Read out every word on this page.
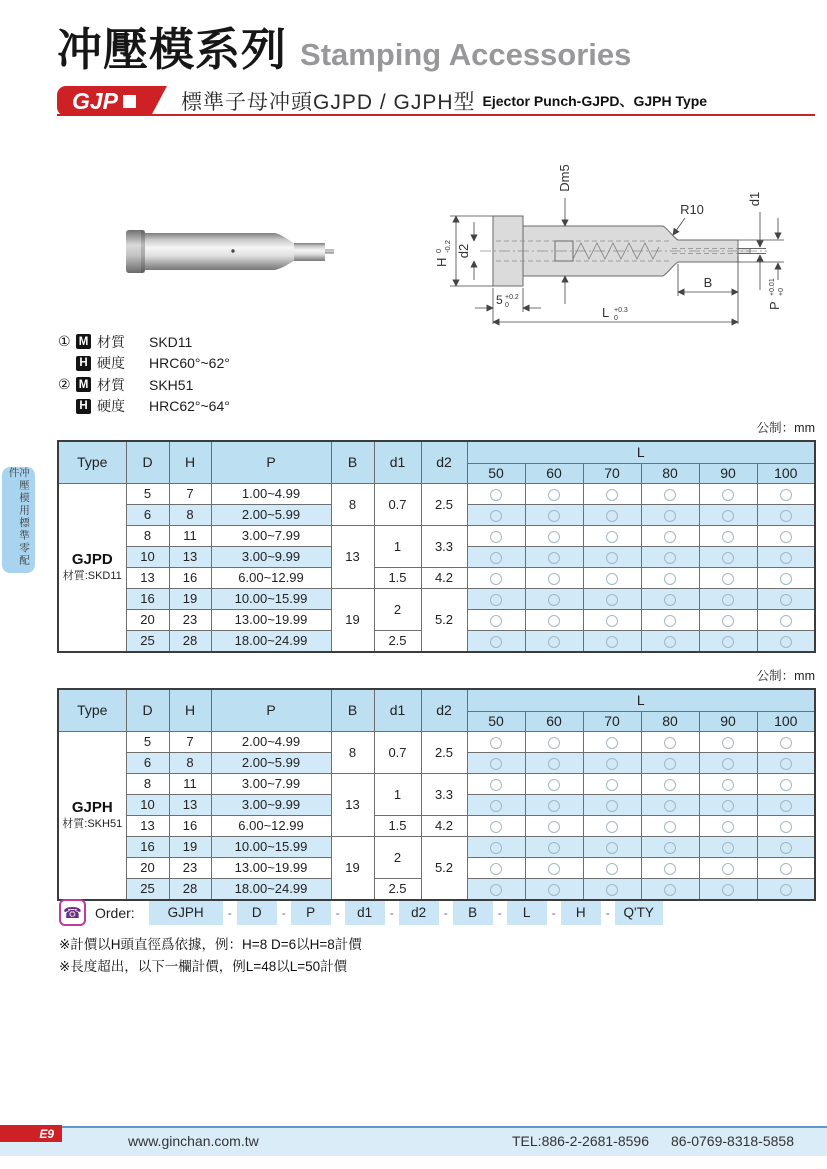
冲壓模用標準零配件
冲壓模系列 Stamping Accessories
GJP	標準子母冲頭GJPD / GJPH型 Ejector Punch-GJPD、GJPH Type
H
0 -0.2 d2
Dm5
R10
d1
P
+0.01 +0
B
5 +0.2
0	L +0.3
0
① M 材質	SKD11
H 硬度	HRC60°~62°
② M 材質	SKH51
H 硬度	HRC62°~64°
公制：mm
公制：mm
Type	D	H	P	B	d1	d2	L					
							50	60	70	80	90	100

GJPD
材質:SKD11	5	7	1.00~4.99	8	0.7	2.5						
	6	8	2.00~5.99									
	8	11	3.00~7.99	13	1	3.3						
	10	13	3.00~9.99									
	13	16	6.00~12.99		1.5	4.2						
	16	19	10.00~15.99	19	2	5.2						
	20	23	13.00~19.99									
	25	28	18.00~24.99		2.5							
Type	D	H	P	B	d1	d2	L					
							50	60	70	80	90	100

GJPH
材質:SKH51	5	7	2.00~4.99	8	0.7	2.5						
	6	8	2.00~5.99									
	8	11	3.00~7.99	13	1	3.3						
	10	13	3.00~9.99									
	13	16	6.00~12.99		1.5	4.2						
	16	19	10.00~15.99	19	2	5.2						
	20	23	13.00~19.99									
	25	28	18.00~24.99		2.5							
☎ Order:	GJPH	-	D	-	P	-	d1	-	d2	-	B	-	L	-	H	-	Q'TY
※計價以H頭直徑爲依據，例：H=8 D=6以H=8計價
※長度超出，以下一欄計價，例L=48以L=50計價
E9	www.ginchan.com.tw	TEL:886-2-2681-8596 86-0769-8318-5858
